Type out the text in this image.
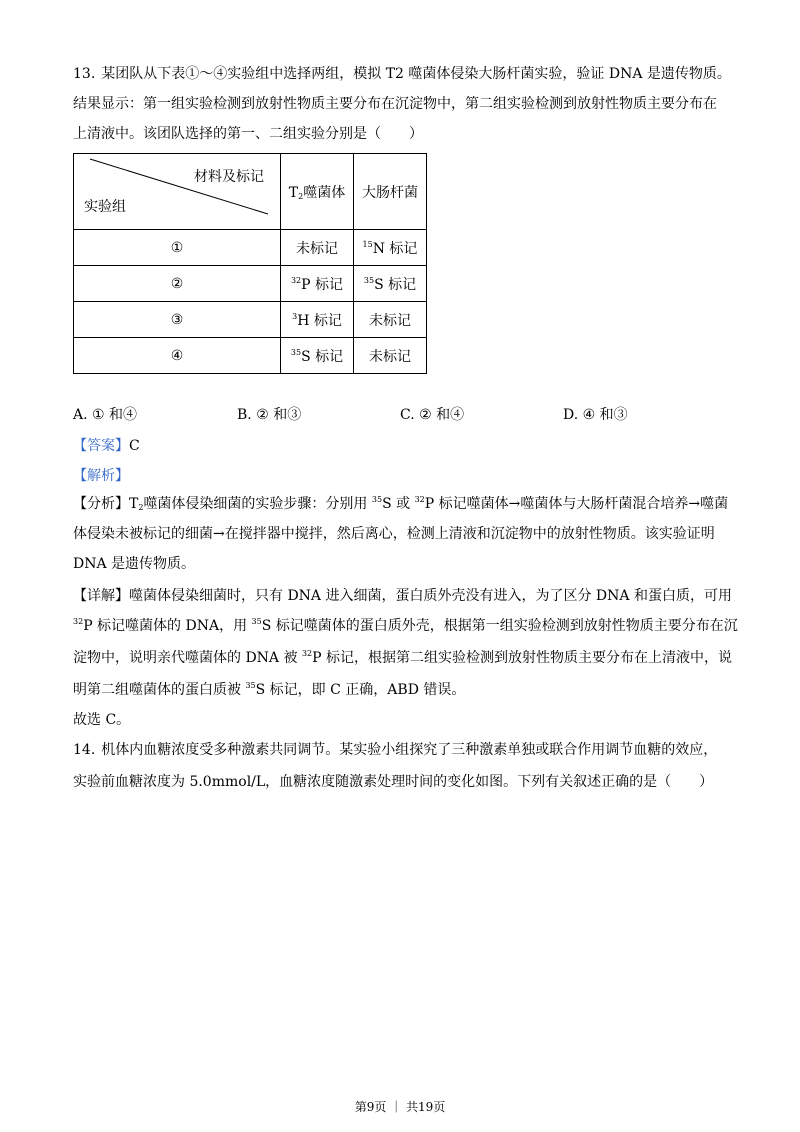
13. 某团队从下表①～④实验组中选择两组，模拟 T2 噬菌体侵染大肠杆菌实验，验证 DNA 是遗传物质。
结果显示：第一组实验检测到放射性物质主要分布在沉淀物中，第二组实验检测到放射性物质主要分布在
上清液中。该团队选择的第一、二组实验分别是（　　）
材料及标记
实验组	$T_2$噬菌体	大肠杆菌
①	未标记	$^{15}$N 标记
②	$^{32}$P 标记	$^{35}$S 标记
③	$^3$H 标记	未标记
④	$^{35}$S 标记	未标记
A. ① 和④	B. ② 和③	C. ② 和④	D. ④ 和③
【答案】C
【解析】
【分析】$T_2$噬菌体侵染细菌的实验步骤：分别用 $^{35}$S 或 $^{32}$P 标记噬菌体→噬菌体与大肠杆菌混合培养→噬菌
体侵染未被标记的细菌→在搅拌器中搅拌，然后离心，检测上清液和沉淀物中的放射性物质。该实验证明
DNA 是遗传物质。
【详解】噬菌体侵染细菌时，只有 DNA 进入细菌，蛋白质外壳没有进入，为了区分 DNA 和蛋白质，可用
$^{32}$P 标记噬菌体的 DNA，用 $^{35}$S 标记噬菌体的蛋白质外壳，根据第一组实验检测到放射性物质主要分布在沉
淀物中，说明亲代噬菌体的 DNA 被 $^{32}$P 标记，根据第二组实验检测到放射性物质主要分布在上清液中，说
明第二组噬菌体的蛋白质被 $^{35}$S 标记，即 C 正确，ABD 错误。
故选 C。
14. 机体内血糖浓度受多种激素共同调节。某实验小组探究了三种激素单独或联合作用调节血糖的效应，
实验前血糖浓度为 5.0mmol/L，血糖浓度随激素处理时间的变化如图。下列有关叙述正确的是（　　）
第9页 ｜ 共19页
